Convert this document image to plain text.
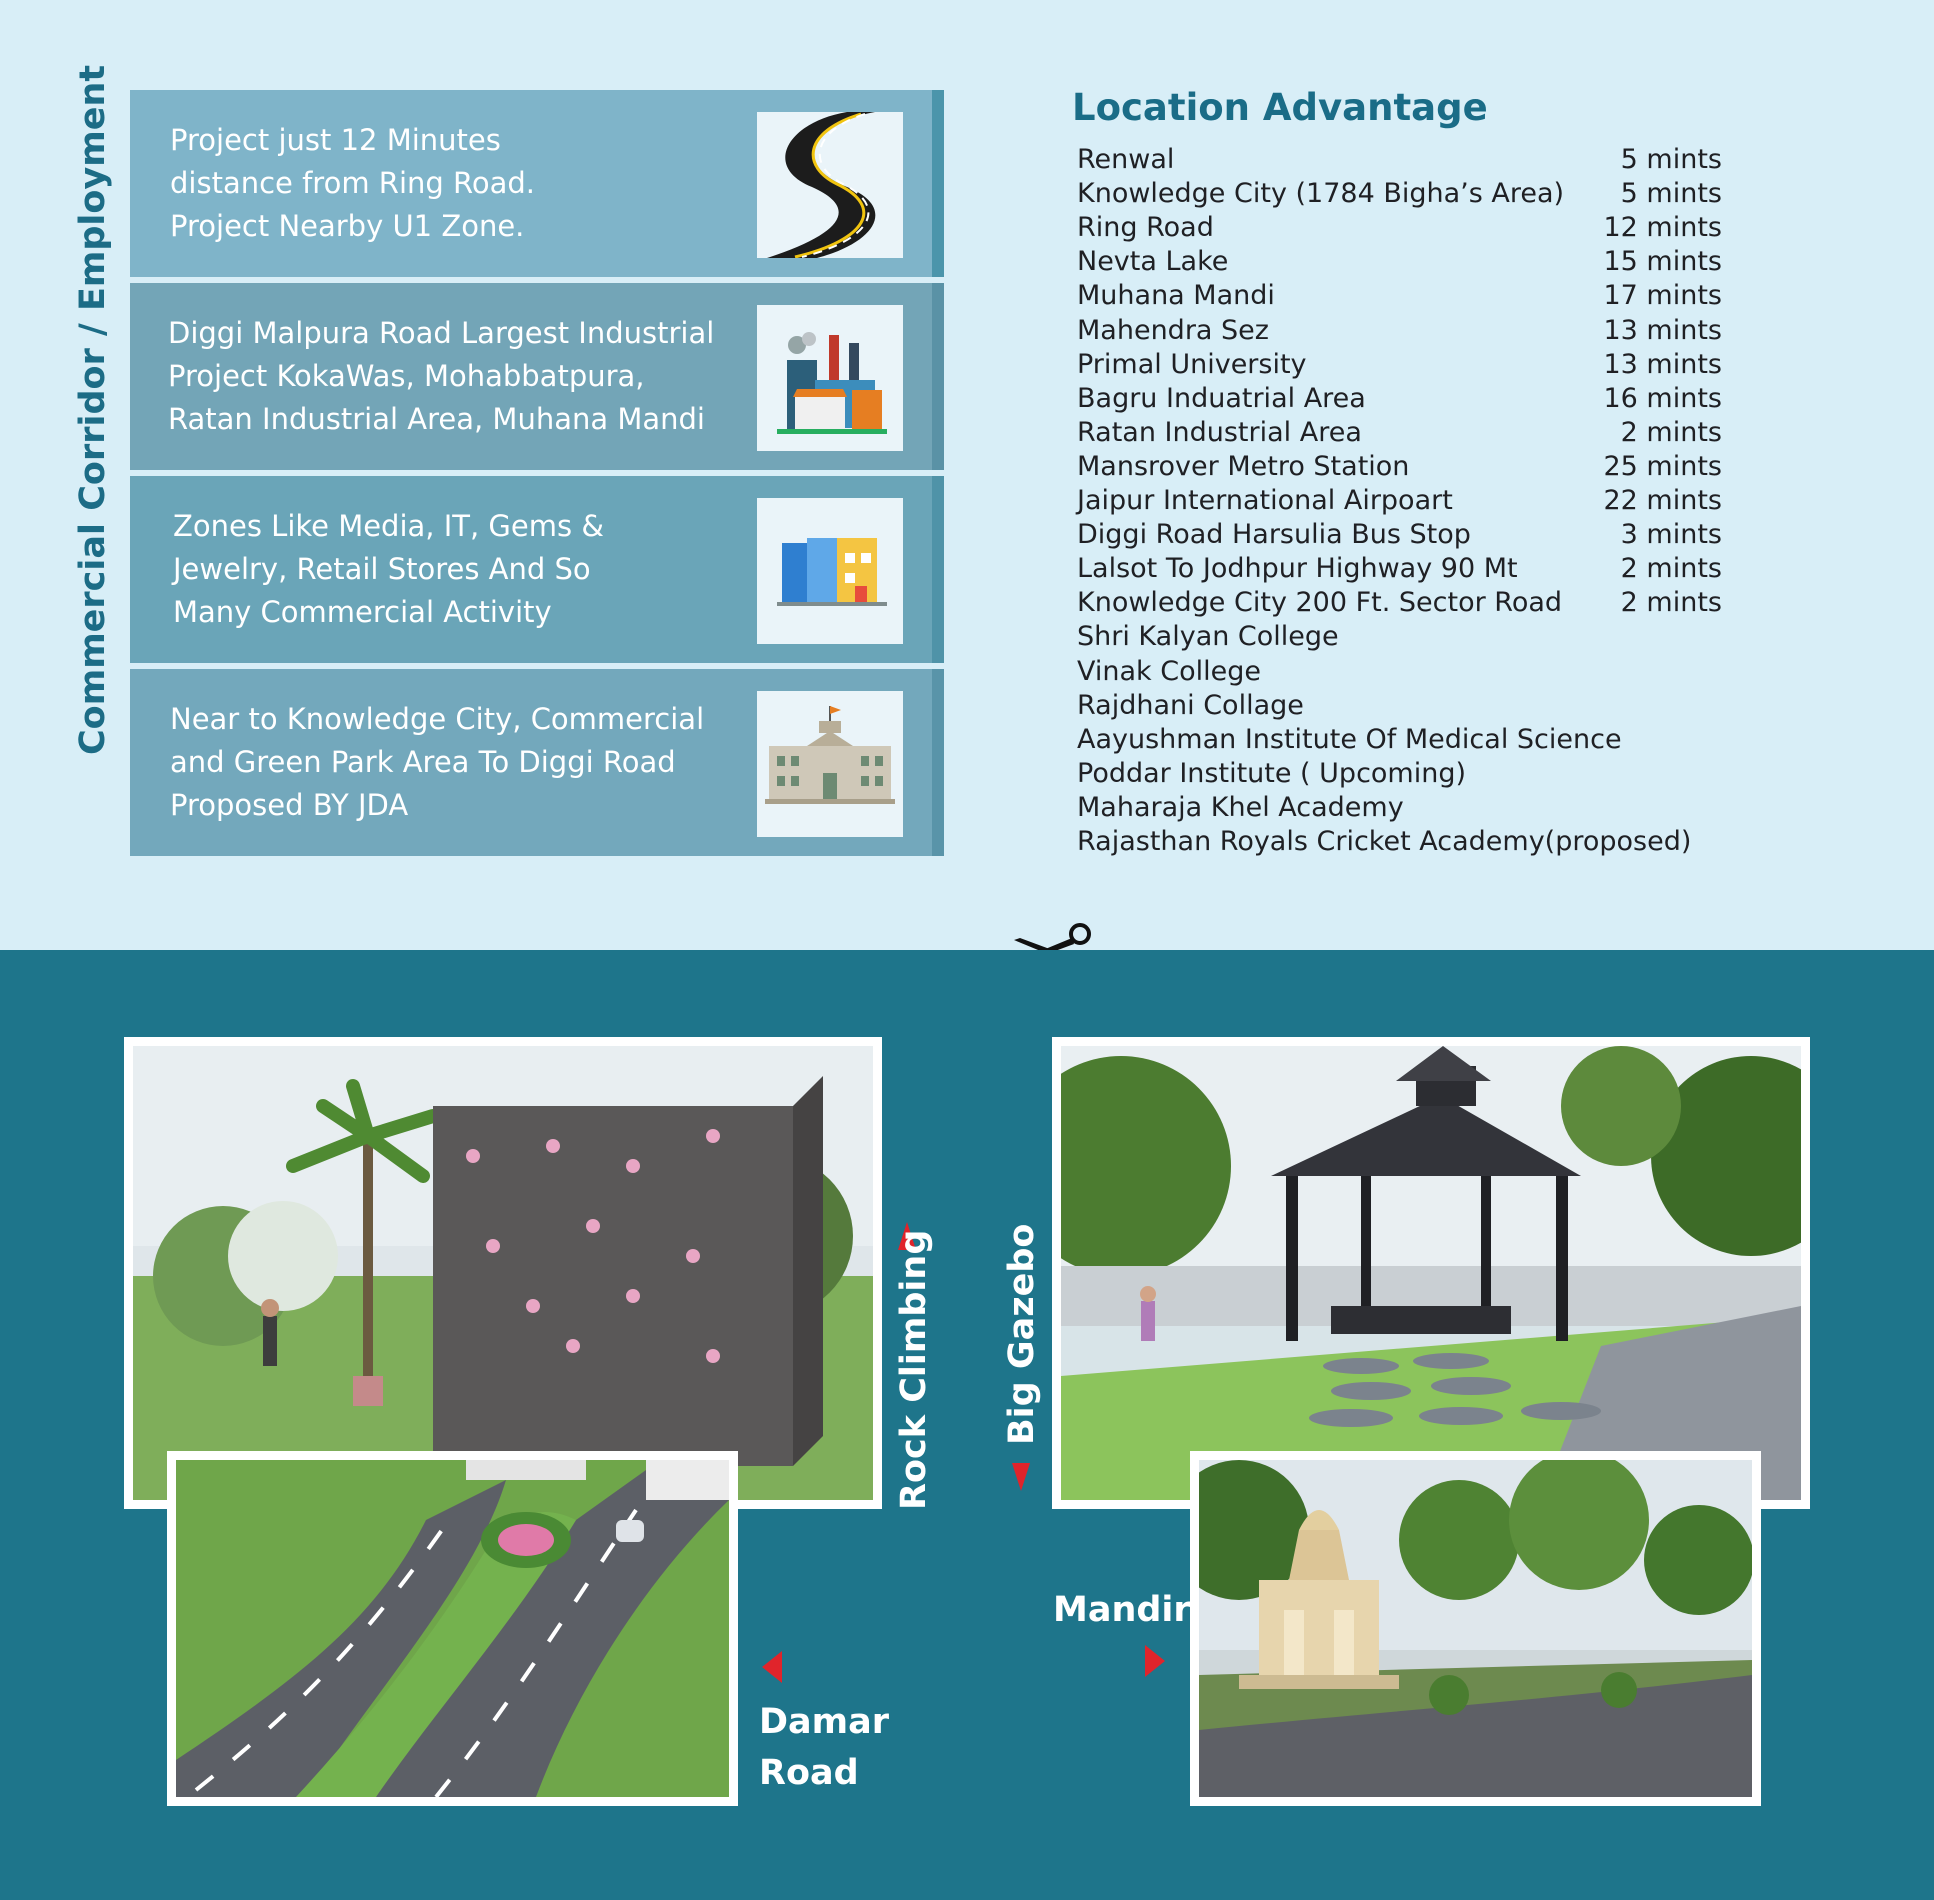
Commercial Corridor / Employment Project just 12 Minutes
distance from Ring Road.
Project Nearby U1 Zone.
Diggi Malpura Road Largest Industrial
Project KokaWas, Mohabbatpura,
Ratan Industrial Area, Muhana Mandi
Zones Like Media, IT, Gems &
Jewelry, Retail Stores And So
Many Commercial Activity
Near to Knowledge City, Commercial
and Green Park Area To Diggi Road
Proposed BY JDA
Location Advantage
Renwal	5 mints
Knowledge City (1784 Bigha’s Area) 5 mints
Ring Road	12 mints
Nevta Lake	15 mints
Muhana Mandi	17 mints
Mahendra Sez	13 mints
Primal University	13 mints
Bagru Induatrial Area	16 mints
Ratan Industrial Area	2 mints
Mansrover Metro Station	25 mints
Jaipur International Airpoart	22 mints
Diggi Road Harsulia Bus Stop	3 mints
Lalsot To Jodhpur Highway 90 Mt	2 mints
Knowledge City 200 Ft. Sector Road 2 mints
Shri Kalyan College
Vinak College
Rajdhani Collage
Aayushman Institute Of Medical Science
Poddar Institute ( Upcoming)
Maharaja Khel Academy
Rajasthan Royals Cricket Academy(proposed)
Rock Climbing Big Gazebo
Damar
Road
Mandir
